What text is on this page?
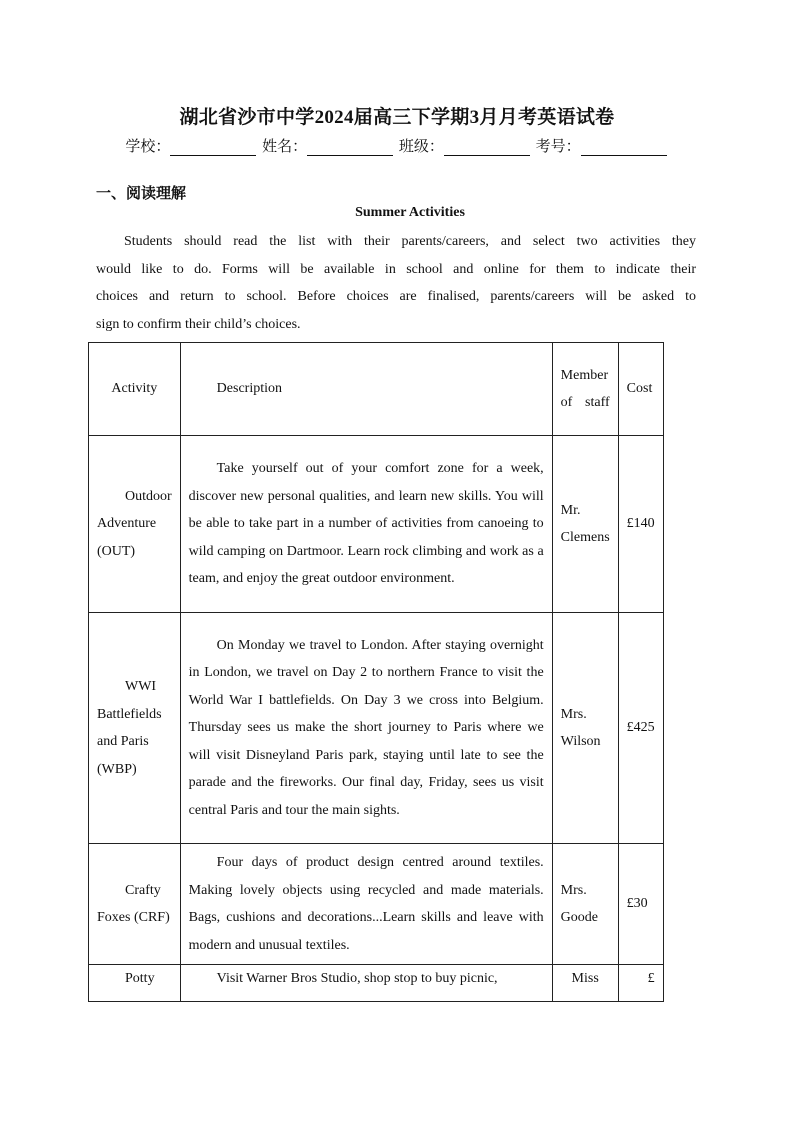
湖北省沙市中学2024届高三下学期3月月考英语试卷
学校：	姓名：	班级：	考号：
一、阅读理解
Summer Activities
Students should read the list with their parents/careers, and select two activities they
would like to do. Forms will be available in school and online for them to indicate their
choices and return to school. Before choices are finalised, parents/careers will be asked to
sign to confirm their child’s choices.
Activity	Description	Member of staff	Cost
Outdoor Adventure (OUT)	Take yourself out of your comfort zone for a week, discover new personal qualities, and learn new skills. You will be able to take part in a number of activities from canoeing to wild camping on Dartmoor. Learn rock climbing and work as a team, and enjoy the great outdoor environment.	Mr. Clemens	£140
WWI Battlefields and Paris (WBP)	On Monday we travel to London. After staying overnight in London, we travel on Day 2 to northern France to visit the World War I battlefields. On Day 3 we cross into Belgium. Thursday sees us make the short journey to Paris where we will visit Disneyland Paris park, staying until late to see the parade and the fireworks. Our final day, Friday, sees us visit central Paris and tour the main sights.	Mrs. Wilson	£425
Crafty Foxes (CRF)	Four days of product design centred around textiles. Making lovely objects using recycled and made materials. Bags, cushions and decorations...Learn skills and leave with modern and unusual textiles.	Mrs. Goode	£30
Potty	Visit Warner Bros Studio, shop stop to buy picnic,	Miss	£
